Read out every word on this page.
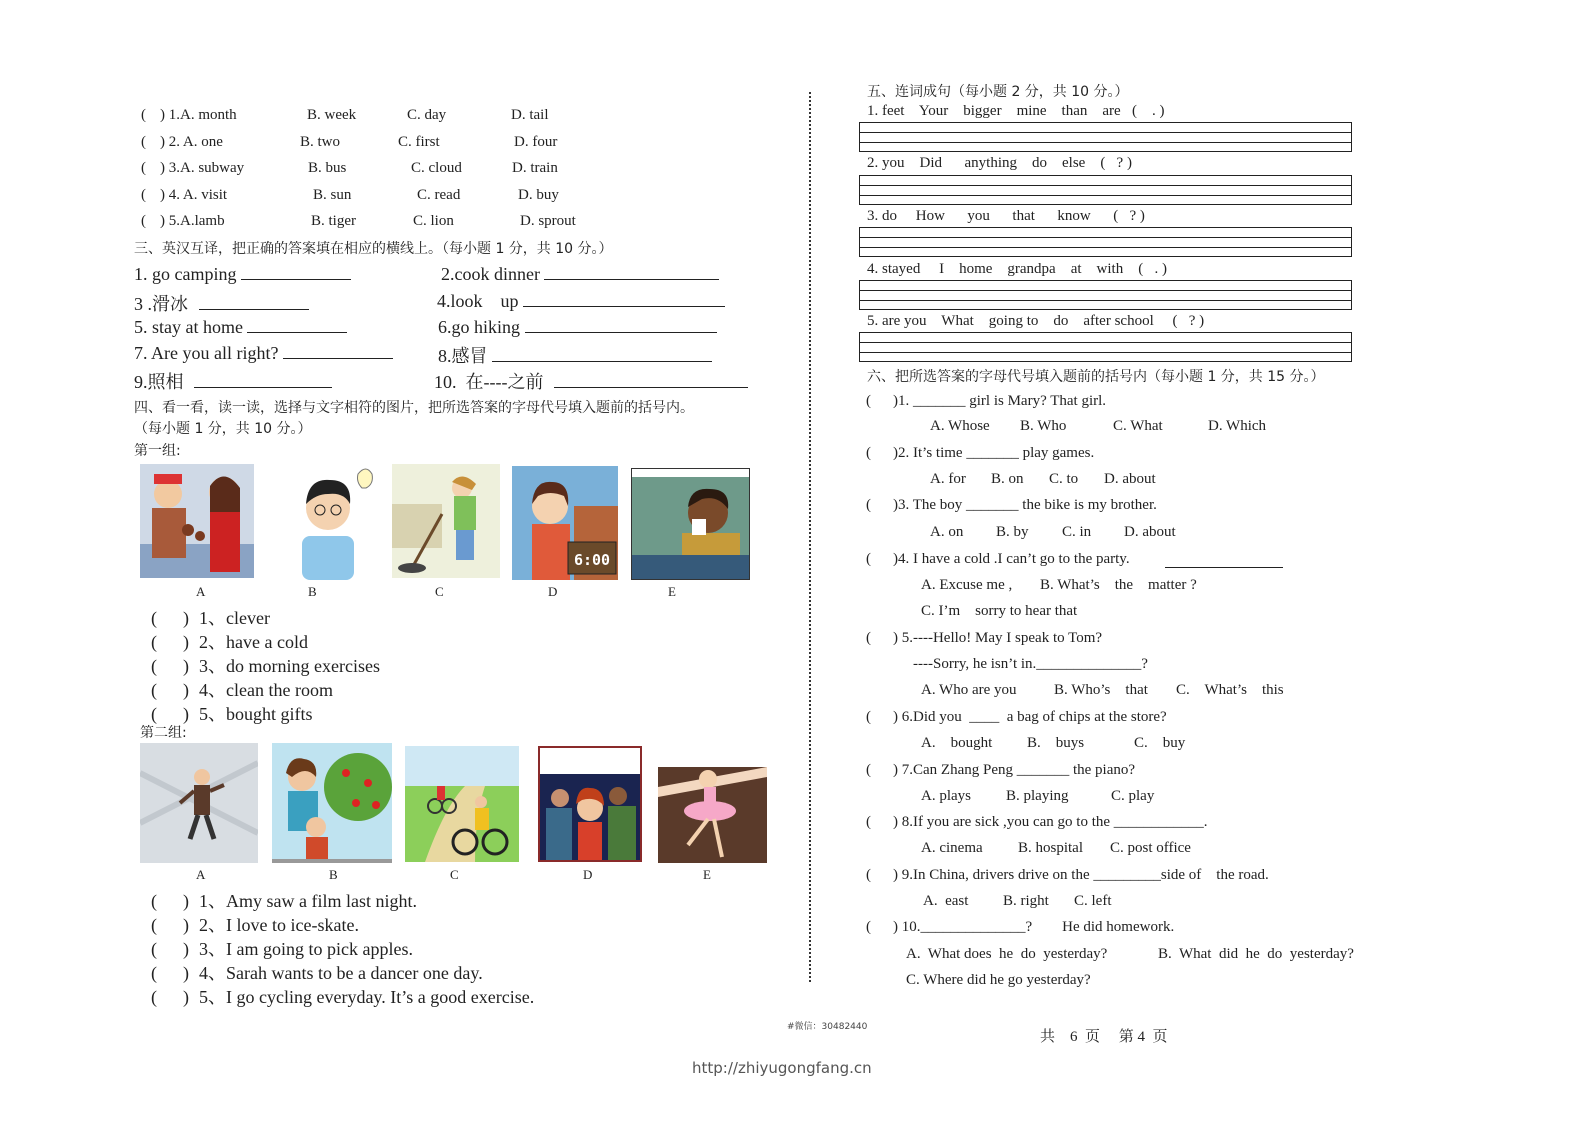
( ) 1.A. month	B. week	C. day	D. tail
( ) 2. A. one	B. two	C. first	D. four
( ) 3.A. subway	B. bus	C. cloud	D. train
( ) 4. A. visit	B. sun	C. read	D. buy
( ) 5.A.lamb	B. tiger	C. lion	D. sprout
三、英汉互译，把正确的答案填在相应的横线上。（每小题 1 分，共 10 分。）
1. go camping	2.cook dinner
3 .滑冰	4.look    up
5. stay at home	6.go hiking
7. Are you all right?	8.感冒
9.照相	10.  在----之前
四、看一看，读一读，选择与文字相符的图片，把所选答案的字母代号填入题前的括号内。
（每小题 1 分，共 10 分。）
第一组:
6:00
A	B	C	D	E
( ) 1、clever
( ) 2、have a cold
( ) 3、do morning exercises
( ) 4、clean the room
( ) 5、bought gifts
第二组:
A	B	C	D	E
( ) 1、Amy saw a film last night.
( ) 2、I love to ice-skate.
( ) 3、I am going to pick apples.
( ) 4、Sarah wants to be a dancer one day.
( ) 5、I go cycling everyday. It’s a good exercise.
五、连词成句（每小题 2 分，共 10 分。）
1. feet    Your    bigger    mine    than    are   (    . )
2. you    Did      anything    do    else    (   ? )
3. do     How      you      that      know      (   ? )
4. stayed     I    home    grandpa    at    with    (   . )
5. are you    What    going to    do    after school     (   ? )
六、把所选答案的字母代号填入题前的括号内（每小题 1 分，共 15 分。）
( )1. _______ girl is Mary? That girl.
A. Whose B. Who	C. What	D. Which
( )2. It’s time _______ play games.
A. for B. on C. to D. about
( )3. The boy _______ the bike is my brother.
A. on B. by C. in D. about
( )4. I have a cold .I can’t go to the party.
A. Excuse me , B. What’s    the    matter ?
C. I’m    sorry to hear that
( ) 5.----Hello! May I speak to Tom?
----Sorry, he isn’t in.______________?
A. Who are you B. Who’s    that C.    What’s    this
( ) 6.Did you  ____  a bag of chips at the store?
A.    bought B.    buys	C.    buy
( ) 7.Can Zhang Peng _______ the piano?
A. plays B. playing	C. play
( ) 8.If you are sick ,you can go to the ____________.
A. cinema B. hospital C. post office
( ) 9.In China, drivers drive on the _________side of    the road.
A.  east B. right C. left
( ) 10.______________?        He did homework.
A.  What does  he  do  yesterday?	B.  What  did  he  do  yesterday?
C. Where did he go yesterday?
#微信：30482440
共    6  页     第 4  页
http://zhiyugongfang.cn
